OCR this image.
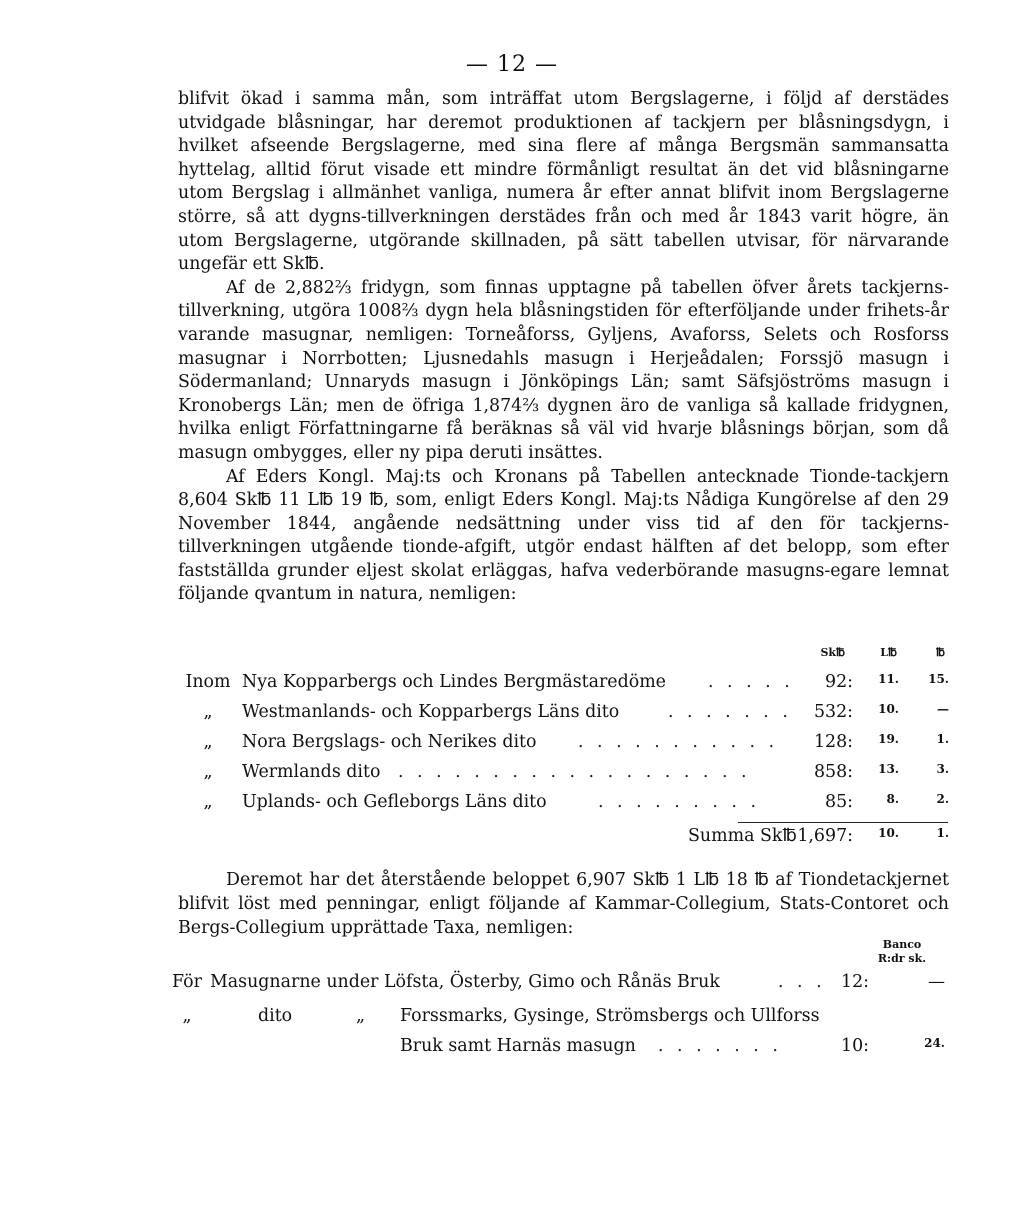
— 12 —

blifvit ökad i samma mån, som inträffat utom Bergslagerne, i följd af derstädes utvidgade blåsningar, har deremot produktionen af tackjern per blåsningsdygn, i hvilket afseende Bergslagerne, med sina flere af många Bergsmän sammansatta hyttelag, alltid förut visade ett mindre förmånligt resultat än det vid blåsningarne utom Bergslag i allmänhet vanliga, numera år efter annat blifvit inom Bergslagerne större, så att dygns-tillverkningen derstädes från och med år 1843 varit högre, än utom Bergslagerne, utgörande skillnaden, på sätt tabellen utvisar, för närvarande ungefär ett Sk℔.

Af de 2,882⅔ fridygn, som finnas upptagne på tabellen öfver årets tackjerns-tillverkning, utgöra 1008⅔ dygn hela blåsningstiden för efterföljande under frihets-år varande masugnar, nemligen: Torneåforss, Gyljens, Avaforss, Selets och Rosforss masugnar i Norrbotten; Ljusnedahls masugn i Herjeådalen; Forssjö masugn i Södermanland; Unnaryds masugn i Jönköpings Län; samt Säfsjöströms masugn i Kronobergs Län; men de öfriga 1,874⅔ dygnen äro de vanliga så kallade fridygnen, hvilka enligt Författningarne få beräknas så väl vid hvarje blåsnings början, som då masugn ombygges, eller ny pipa deruti insättes.

Af Eders Kongl. Maj:ts och Kronans på Tabellen antecknade Tionde-tackjern 8,604 Sk℔ 11 L℔ 19 ℔, som, enligt Eders Kongl. Maj:ts Nådiga Kungörelse af den 29 November 1844, angående nedsättning under viss tid af den för tackjerns-tillverkningen utgående tionde-afgift, utgör endast hälften af det belopp, som efter fastställda grunder eljest skolat erläggas, hafva vederbörande masugns-egare lemnat följande qvantum in natura, nemligen:

Sk℔	L℔	℔
Inom Nya Kopparbergs och Lindes Bergmästaredöme . . . . .	92:	11.	15.
„	Westmanlands- och Kopparbergs Läns dito	. . . . . . .	532:	10.	—
„	Nora Bergslags- och Nerikes dito . . . . . . . . . . .	128:	19.	1.
„	Wermlands dito . . . . . . . . . . . . . . . . . . .	858:	13.	3.
„	Uplands- och Gefleborgs Läns dito	. . . . . . . . .	85:	8.	2.
Summa Sk℔ 1,697:	10.	1.

Deremot har det återstående beloppet 6,907 Sk℔ 1 L℔ 18 ℔ af Tiondetackjernet blifvit löst med penningar, enligt följande af Kammar-Collegium, Stats-Contoret och Bergs-Collegium upprättade Taxa, nemligen:

Banco
R:dr sk.
För Masugnarne under Löfsta, Österby, Gimo och Rånäs Bruk	. . . 12:	—
„	dito	„ Forssmarks, Gysinge, Strömsbergs och Ullforss
Bruk samt Harnäs masugn . . . . . . .	10:	24.
